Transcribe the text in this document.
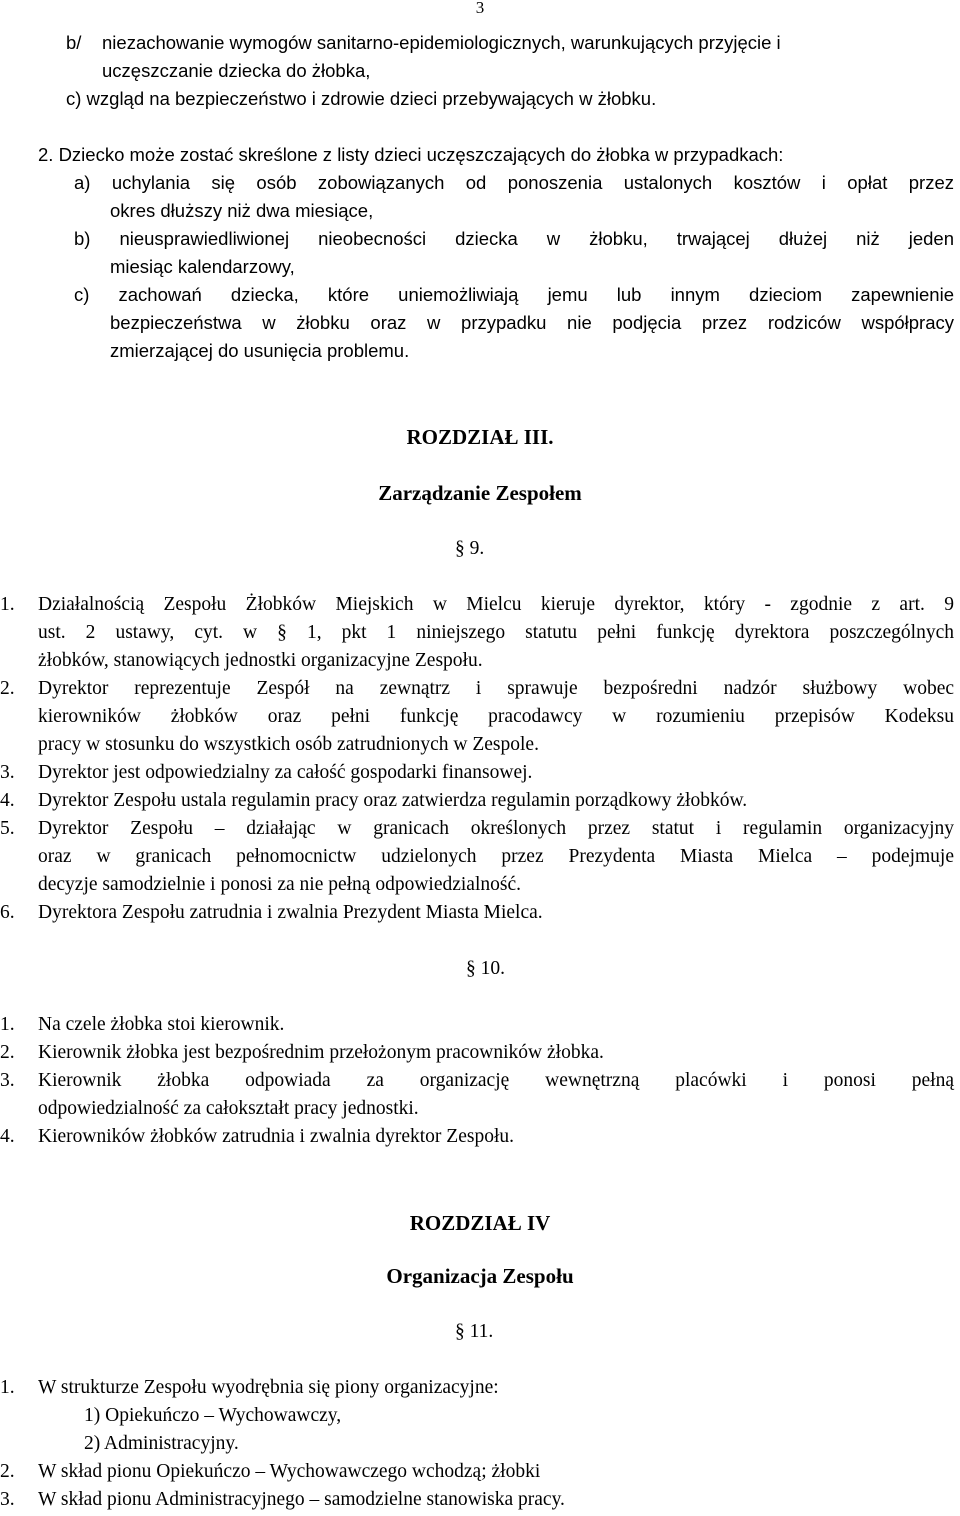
3
b/ niezachowanie wymogów sanitarno-epidemiologicznych, warunkujących przyjęcie i
uczęszczanie dziecka do żłobka,
c) wzgląd na bezpieczeństwo i zdrowie dzieci przebywających w żłobku.
2. Dziecko może zostać skreślone z listy dzieci uczęszczających do żłobka w przypadkach:
a) uchylania się osób zobowiązanych od ponoszenia ustalonych kosztów i opłat przez
okres dłuższy niż dwa miesiące,
b) nieusprawiedliwionej nieobecności dziecka w żłobku, trwającej dłużej niż jeden
miesiąc kalendarzowy,
c) zachowań dziecka, które uniemożliwiają jemu lub innym dzieciom zapewnienie
bezpieczeństwa w żłobku oraz w przypadku nie podjęcia przez rodziców współpracy
zmierzającej do usunięcia problemu.
ROZDZIAŁ III.
Zarządzanie Zespołem
§ 9.
1. Działalnością Zespołu Żłobków Miejskich w Mielcu kieruje dyrektor, który - zgodnie z art. 9
ust. 2 ustawy, cyt. w § 1, pkt 1 niniejszego statutu pełni funkcję dyrektora poszczególnych
żłobków, stanowiących jednostki organizacyjne Zespołu.
2. Dyrektor reprezentuje Zespół na zewnątrz i sprawuje bezpośredni nadzór służbowy wobec
kierowników żłobków oraz pełni funkcję pracodawcy w rozumieniu przepisów Kodeksu
pracy w stosunku do wszystkich osób zatrudnionych w Zespole.
3. Dyrektor jest odpowiedzialny za całość gospodarki finansowej.
4. Dyrektor Zespołu ustala regulamin pracy oraz zatwierdza regulamin porządkowy żłobków.
5. Dyrektor Zespołu – działając w granicach określonych przez statut i regulamin organizacyjny
oraz w granicach pełnomocnictw udzielonych przez Prezydenta Miasta Mielca – podejmuje
decyzje samodzielnie i ponosi za nie pełną odpowiedzialność.
6. Dyrektora Zespołu zatrudnia i zwalnia Prezydent Miasta Mielca.
§ 10.
1. Na czele żłobka stoi kierownik.
2. Kierownik żłobka jest bezpośrednim przełożonym pracowników żłobka.
3. Kierownik żłobka odpowiada za organizację wewnętrzną placówki i ponosi pełną
odpowiedzialność za całokształt pracy jednostki.
4. Kierowników żłobków zatrudnia i zwalnia dyrektor Zespołu.
ROZDZIAŁ IV
Organizacja Zespołu
§ 11.
1. W strukturze Zespołu wyodrębnia się piony organizacyjne:
1) Opiekuńczo – Wychowawczy,
2) Administracyjny.
2. W skład pionu Opiekuńczo – Wychowawczego wchodzą; żłobki
3. W skład pionu Administracyjnego – samodzielne stanowiska pracy.
